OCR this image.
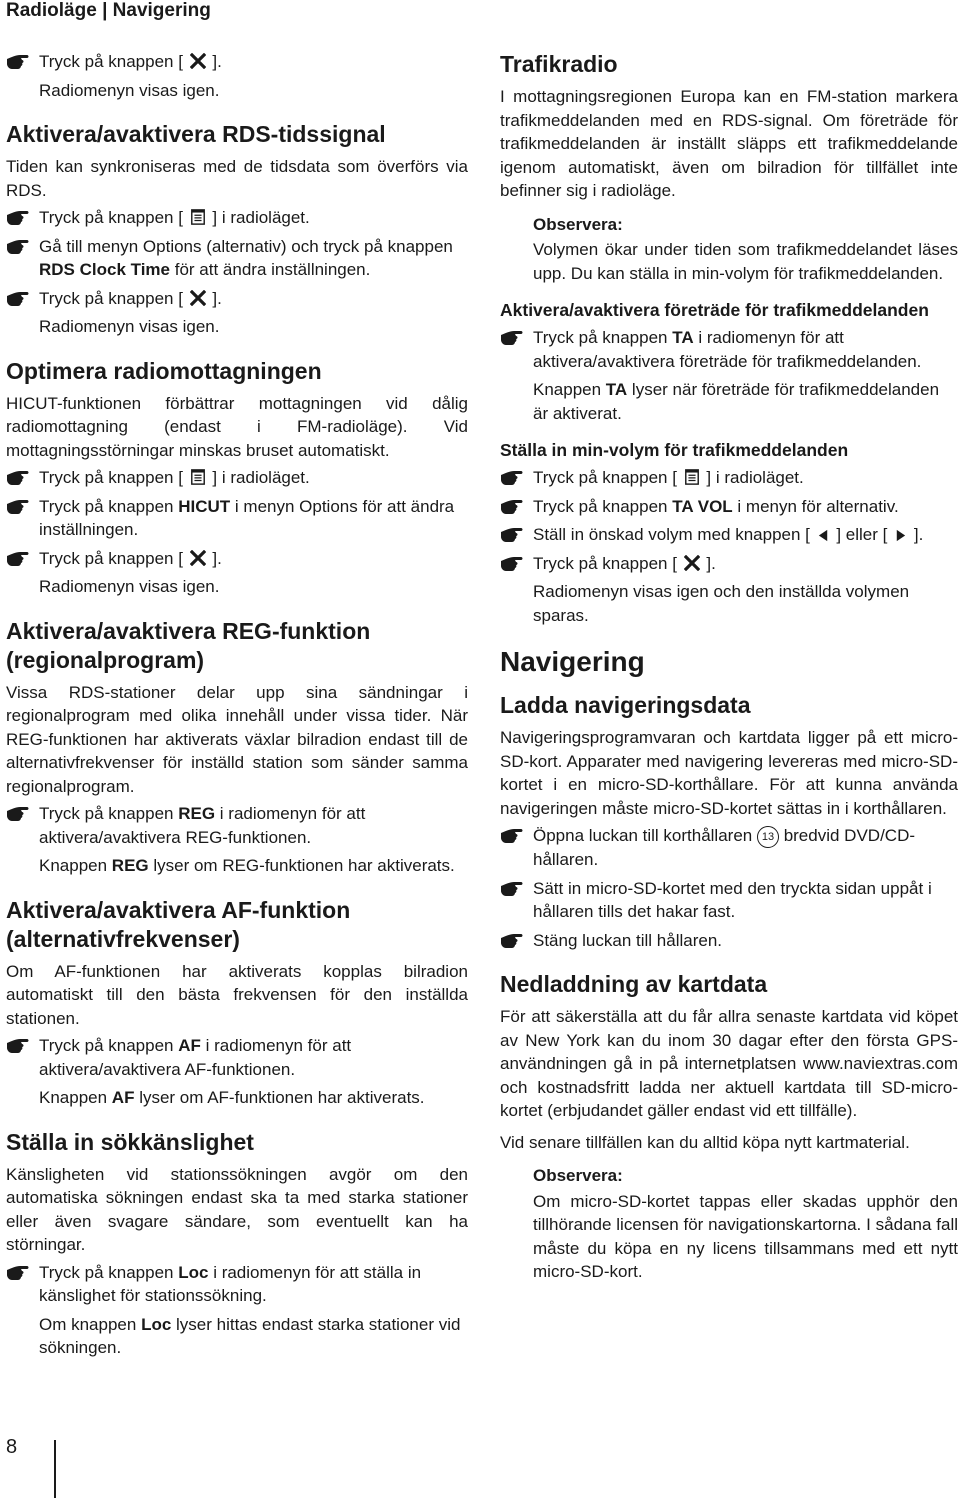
Radioläge | Navigering
Tryck på knappen [ ].
Radiomenyn visas igen.
Aktivera/avaktivera RDS-tidssignal

Tiden kan synkroniseras med de tidsdata som överförs via RDS.

Tryck på knappen [ ] i radioläget.
Gå till menyn Options (alternativ) och tryck på knappen RDS Clock Time för att ändra inställningen.
Tryck på knappen [ ].
Radiomenyn visas igen.
Optimera radiomottagningen

HICUT-funktionen förbättrar mottagningen vid dålig radiomottagning (endast i FM-radioläge). Vid mottagningsstörningar minskas bruset automatiskt.

Tryck på knappen [ ] i radioläget.
Tryck på knappen HICUT i menyn Options för att ändra inställningen.
Tryck på knappen [ ].
Radiomenyn visas igen.
Aktivera/avaktivera REG-funktion (regionalprogram)

Vissa RDS-stationer delar upp sina sändningar i regionalprogram med olika innehåll under vissa tider. När REG-funktionen har aktiverats växlar bilradion endast till de alternativfrekvenser för inställd station som sänder samma regionalprogram.

Tryck på knappen REG i radiomenyn för att aktivera/avaktivera REG-funktionen.
Knappen REG lyser om REG-funktionen har aktiverats.
Aktivera/avaktivera AF-funktion (alternativfrekvenser)

Om AF-funktionen har aktiverats kopplas bilradion automatiskt till den bästa frekvensen för den inställda stationen.

Tryck på knappen AF i radiomenyn för att aktivera/avaktivera AF-funktionen.
Knappen AF lyser om AF-funktionen har aktiverats.
Ställa in sökkänslighet

Känsligheten vid stationssökningen avgör om den automatiska sökningen endast ska ta med starka stationer eller även svagare sändare, som eventuellt kan ha störningar.

Tryck på knappen Loc i radiomenyn för att ställa in känslighet för stationssökning.
Om knappen Loc lyser hittas endast starka stationer vid sökningen.
Trafikradio

I mottagningsregionen Europa kan en FM-station markera trafikmeddelanden med en RDS-signal. Om företräde för trafikmeddelanden är inställt släpps ett trafikmeddelande igenom automatiskt, även om bilradion för tillfället inte befinner sig i radioläge.

Observera:

Volymen ökar under tiden som trafikmeddelandet läses upp. Du kan ställa in min-volym för trafikmeddelanden.

Aktivera/avaktivera företräde för trafikmeddelanden
Tryck på knappen TA i radiomenyn för att aktivera/avaktivera företräde för trafikmeddelanden.
Knappen TA lyser när företräde för trafikmeddelanden är aktiverat.
Ställa in min-volym för trafikmeddelanden
Tryck på knappen [ ] i radioläget.
Tryck på knappen TA VOL i menyn för alternativ.
Ställ in önskad volym med knappen [ ] eller [ ].
Tryck på knappen [ ].
Radiomenyn visas igen och den inställda volymen sparas.
Navigering
Ladda navigeringsdata

Navigeringsprogramvaran och kartdata ligger på ett micro-SD-kort. Apparater med navigering levereras med micro-SD-kortet i en micro-SD-korthållare. För att kunna använda navigeringen måste micro-SD-kortet sättas in i korthållaren.

Öppna luckan till korthållaren 13 bredvid DVD/CD-hållaren.
Sätt in micro-SD-kortet med den tryckta sidan uppåt i hållaren tills det hakar fast.
Stäng luckan till hållaren.
Nedladdning av kartdata

För att säkerställa att du får allra senaste kartdata vid köpet av New York kan du inom 30 dagar efter den första GPS-användningen gå in på internetplatsen www.naviextras.com och kostnadsfritt ladda ner aktuell kartdata till SD-micro-kortet (erbjudandet gäller endast vid ett tillfälle).

Vid senare tillfällen kan du alltid köpa nytt kartmaterial.

Observera:

Om micro-SD-kortet tappas eller skadas upphör den tillhörande licensen för navigationskartorna. I sådana fall måste du köpa en ny licens tillsammans med ett nytt micro-SD-kort.

8
